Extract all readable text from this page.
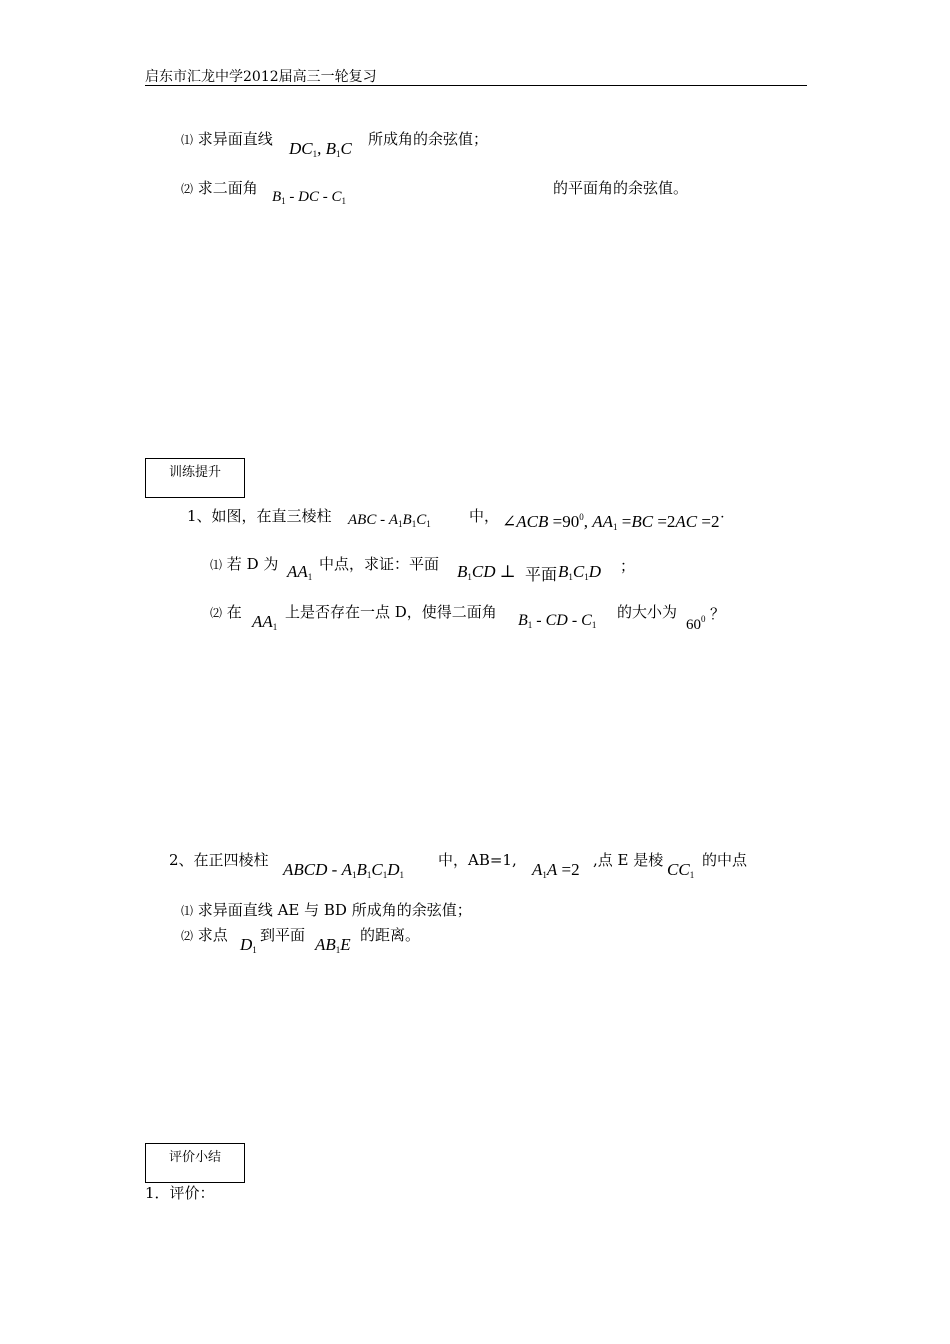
启东市汇龙中学2012届高三一轮复习
⑴ 求异面直线 $DC_1$, $B_1C$ 所成角的余弦值；
⑵ 求二面角 $B_1$ - DC - $C_1$
的平面角的余弦值。
训练提升
1、如图，在直三棱柱 ABC - $A_1B_1C_1$	中， ∠ACB $=90^0$, $AA_1 =BC =2AC$ =2˙
⑴ 若 D 为 $AA_1$
中点，求证：平面 $B_1CD$ ⊥ 平面 $B_1C_1D$ ；
⑵ 在 $AA_1$
上是否存在一点 D，使得二面角 $B_1$ - CD - $C_1$
的大小为
$60^0$ ？
2、在正四棱柱 ABCD - $A_1B_1C_1D_1$
中，AB=1, $A_1A =2$ ,点 E 是棱 $CC_1$
的中点
⑴ 求异面直线 AE 与 BD 所成角的余弦值；
⑵ 求点 $D_1$
到平面 $AB_1E$ 的距离。
评价小结
1．评价：
